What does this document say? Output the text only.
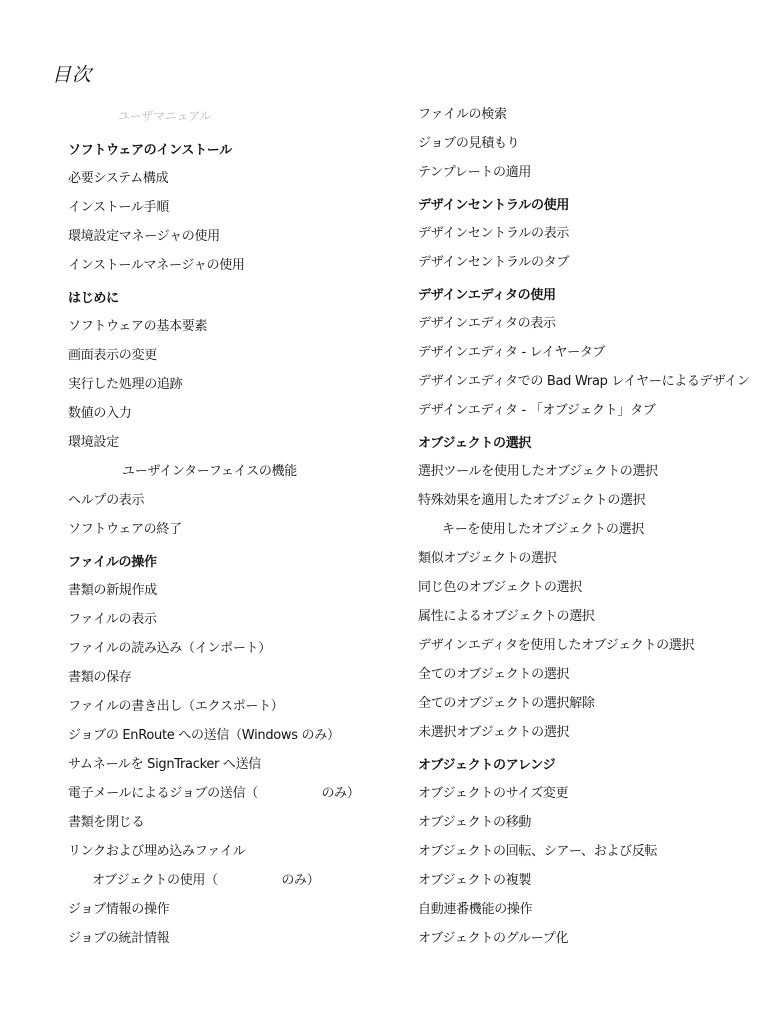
目次
ユーザマニュアル
ソフトウェアのインストール
必要システム構成
インストール手順
環境設定マネージャの使用
インストールマネージャの使用
はじめに
ソフトウェアの基本要素
画面表示の変更
実行した処理の追跡
数値の入力
環境設定
ユーザインターフェイスの機能
ヘルプの表示
ソフトウェアの終了
ファイルの操作
書類の新規作成
ファイルの表示
ファイルの読み込み（インポート）
書類の保存
ファイルの書き出し（エクスポート）
ジョブの EnRoute への送信（Windows のみ）
サムネールを SignTracker へ送信
電子メールによるジョブの送信（　　　　　のみ）
書類を閉じる
リンクおよび埋め込みファイル
オブジェクトの使用（　　　　　のみ）
ジョブ情報の操作
ジョブの統計情報
ファイルの検索
ジョブの見積もり
テンプレートの適用
デザインセントラルの使用
デザインセントラルの表示
デザインセントラルのタブ
デザインエディタの使用
デザインエディタの表示
デザインエディタ - レイヤータブ
デザインエディタでの Bad Wrap レイヤーによるデザイン
デザインエディタ - 「オブジェクト」タブ
オブジェクトの選択
選択ツールを使用したオブジェクトの選択
特殊効果を適用したオブジェクトの選択
キーを使用したオブジェクトの選択
類似オブジェクトの選択
同じ色のオブジェクトの選択
属性によるオブジェクトの選択
デザインエディタを使用したオブジェクトの選択
全てのオブジェクトの選択
全てのオブジェクトの選択解除
未選択オブジェクトの選択
オブジェクトのアレンジ
オブジェクトのサイズ変更
オブジェクトの移動
オブジェクトの回転、シアー、および反転
オブジェクトの複製
自動連番機能の操作
オブジェクトのグループ化
